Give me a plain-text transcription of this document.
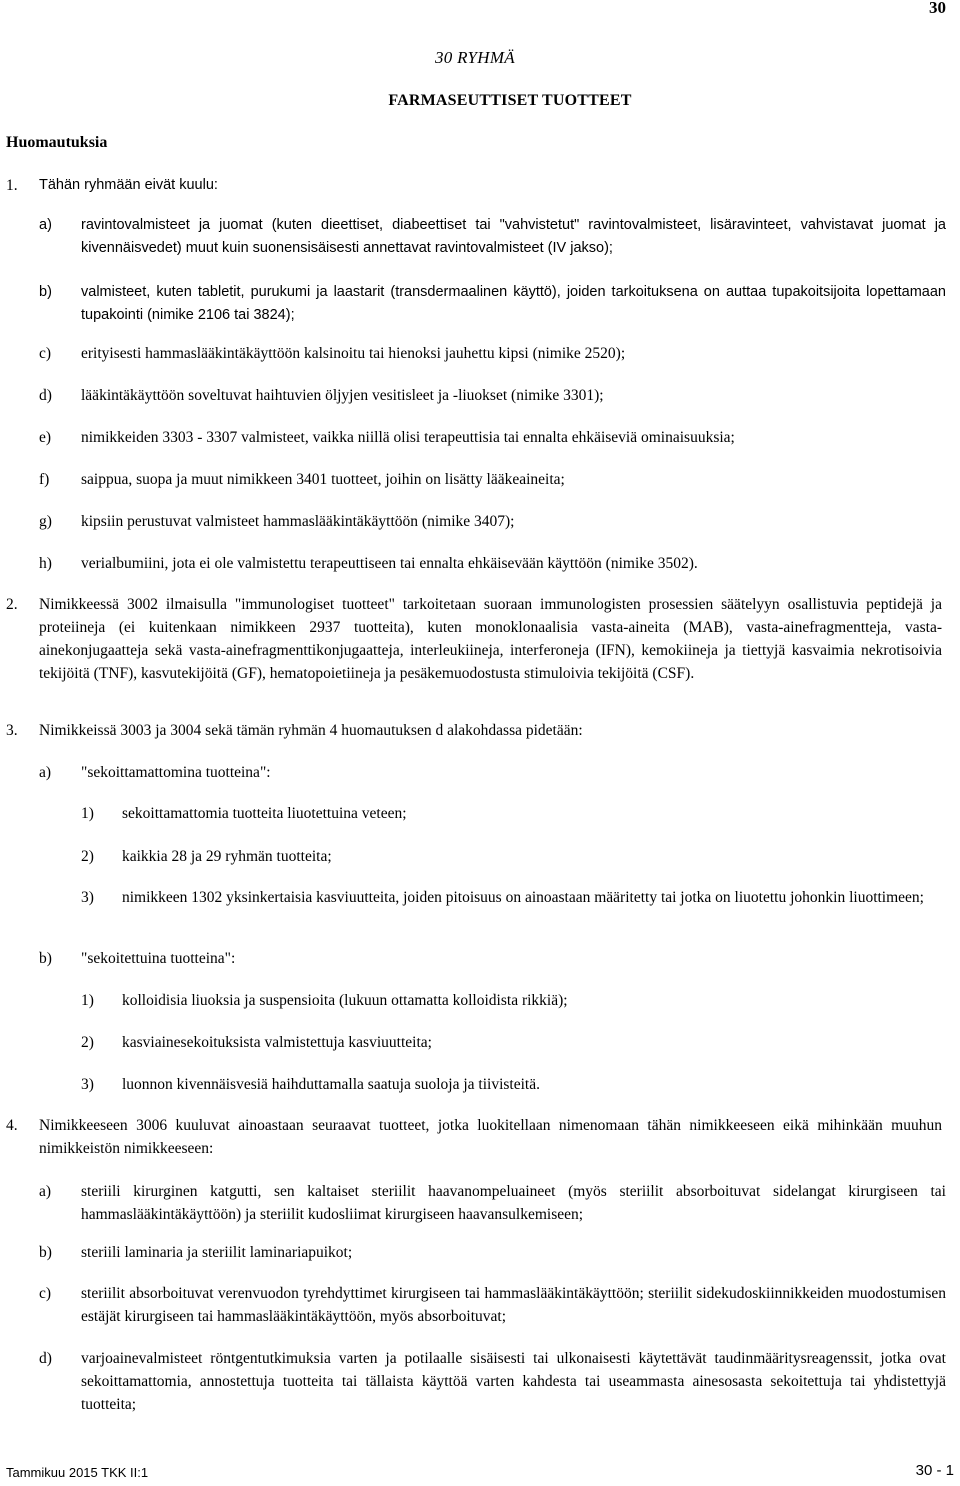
30
30 RYHMÄ
FARMASEUTTISET TUOTTEET
Huomautuksia
1. Tähän ryhmään eivät kuulu:
a) ravintovalmisteet ja juomat (kuten dieettiset, diabeettiset tai "vahvistetut" ravintovalmisteet, lisäravinteet, vahvistavat juomat ja kivennäisvedet) muut kuin suonensisäisesti annettavat ravintovalmisteet (IV jakso);
b) valmisteet, kuten tabletit, purukumi ja laastarit (transdermaalinen käyttö), joiden tarkoituksena on auttaa tupakoitsijoita lopettamaan tupakointi (nimike 2106 tai 3824);
c) erityisesti hammaslääkintäkäyttöön kalsinoitu tai hienoksi jauhettu kipsi (nimike 2520);
d) lääkintäkäyttöön soveltuvat haihtuvien öljyjen vesitisleet ja -liuokset (nimike 3301);
e) nimikkeiden 3303 - 3307 valmisteet, vaikka niillä olisi terapeuttisia tai ennalta ehkäiseviä ominaisuuksia;
f) saippua, suopa ja muut nimikkeen 3401 tuotteet, joihin on lisätty lääkeaineita;
g) kipsiin perustuvat valmisteet hammaslääkintäkäyttöön (nimike 3407);
h) verialbumiini, jota ei ole valmistettu terapeuttiseen tai ennalta ehkäisevään käyttöön (nimike 3502).
2. Nimikkeessä 3002 ilmaisulla "immunologiset tuotteet" tarkoitetaan suoraan immunologisten prosessien säätelyyn osallistuvia peptidejä ja proteiineja (ei kuitenkaan nimikkeen 2937 tuotteita), kuten monoklonaalisia vasta-aineita (MAB), vasta-ainefragmentteja, vasta-ainekonjugaatteja sekä vasta-ainefragmenttikonjugaatteja, interleukiineja, interferoneja (IFN), kemokiineja ja tiettyjä kasvaimia nekrotisoivia tekijöitä (TNF), kasvutekijöitä (GF), hematopoietiineja ja pesäkemuodostusta stimuloivia tekijöitä (CSF).
3. Nimikkeissä 3003 ja 3004 sekä tämän ryhmän 4 huomautuksen d alakohdassa pidetään:
a) "sekoittamattomina tuotteina":
1) sekoittamattomia tuotteita liuotettuina veteen;
2) kaikkia 28 ja 29 ryhmän tuotteita;
3) nimikkeen 1302 yksinkertaisia kasviuutteita, joiden pitoisuus on ainoastaan määritetty tai jotka on liuotettu johonkin liuottimeen;
b) "sekoitettuina tuotteina":
1) kolloidisia liuoksia ja suspensioita (lukuun ottamatta kolloidista rikkiä);
2) kasviainesekoituksista valmistettuja kasviuutteita;
3) luonnon kivennäisvesiä haihduttamalla saatuja suoloja ja tiivisteitä.
4. Nimikkeeseen 3006 kuuluvat ainoastaan seuraavat tuotteet, jotka luokitellaan nimenomaan tähän nimikkeeseen eikä mihinkään muuhun nimikkeistön nimikkeeseen:
a) steriili kirurginen katgutti, sen kaltaiset steriilit haavanompeluaineet (myös steriilit absorboituvat sidelangat kirurgiseen tai hammaslääkintäkäyttöön) ja steriilit kudosliimat kirurgiseen haavansulkemiseen;
b) steriili laminaria ja steriilit laminariapuikot;
c) steriilit absorboituvat verenvuodon tyrehdyttimet kirurgiseen tai hammaslääkintäkäyttöön; steriilit sidekudoskiinnikkeiden muodostumisen estäjät kirurgiseen tai hammaslääkintäkäyttöön, myös absorboituvat;
d) varjoainevalmisteet röntgentutkimuksia varten ja potilaalle sisäisesti tai ulkonaisesti käytettävät taudinmääritysreagenssit, jotka ovat sekoittamattomia, annostettuja tuotteita tai tällaista käyttöä varten kahdesta tai useammasta ainesosasta sekoitettuja tai yhdistettyjä tuotteita;
Tammikuu 2015 TKK II:1	30 - 1
